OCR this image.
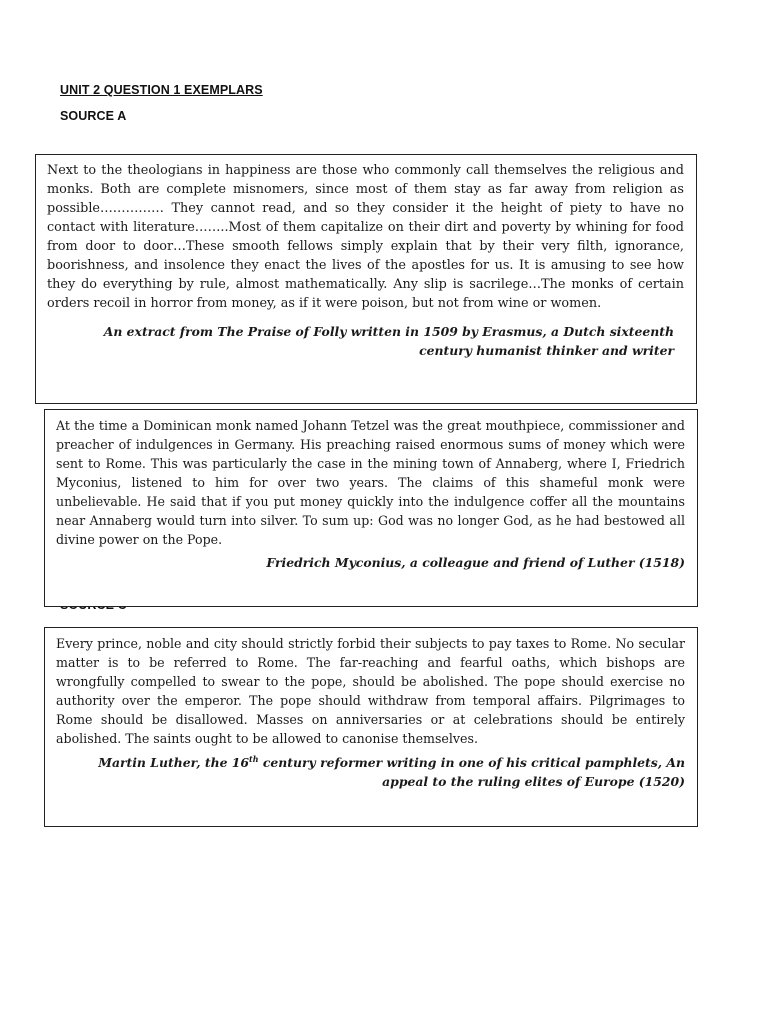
UNIT 2 QUESTION 1 EXEMPLARS
SOURCE A

Next to the theologians in happiness are those who commonly call themselves the religious and monks. Both are complete misnomers, since most of them stay as far away from religion as possible…………… They cannot read, and so they consider it the height of piety to have no contact with literature……..Most of them capitalize on their dirt and poverty by whining for food from door to door…These smooth fellows simply explain that by their very filth, ignorance, boorishness, and insolence they enact the lives of the apostles for us. It is amusing to see how they do everything by rule, almost mathematically. Any slip is sacrilege…The monks of certain orders recoil in horror from money, as if it were poison, but not from wine or women.

An extract from The Praise of Folly written in 1509 by Erasmus, a Dutch sixteenth century humanist thinker and writer

At the time a Dominican monk named Johann Tetzel was the great mouthpiece, commissioner and preacher of indulgences in Germany. His preaching raised enormous sums of money which were sent to Rome. This was particularly the case in the mining town of Annaberg, where I, Friedrich Myconius, listened to him for over two years. The claims of this shameful monk were unbelievable. He said that if you put money quickly into the indulgence coffer all the mountains near Annaberg would turn into silver. To sum up: God was no longer God, as he had bestowed all divine power on the Pope.

Friedrich Myconius, a colleague and friend of Luther (1518)

Every prince, noble and city should strictly forbid their subjects to pay taxes to Rome. No secular matter is to be referred to Rome. The far-reaching and fearful oaths, which bishops are wrongfully compelled to swear to the pope, should be abolished. The pope should exercise no authority over the emperor. The pope should withdraw from temporal affairs. Pilgrimages to Rome should be disallowed. Masses on anniversaries or at celebrations should be entirely abolished. The saints ought to be allowed to canonise themselves.

Martin Luther, the 16th century reformer writing in one of his critical pamphlets, An appeal to the ruling elites of Europe (1520)
